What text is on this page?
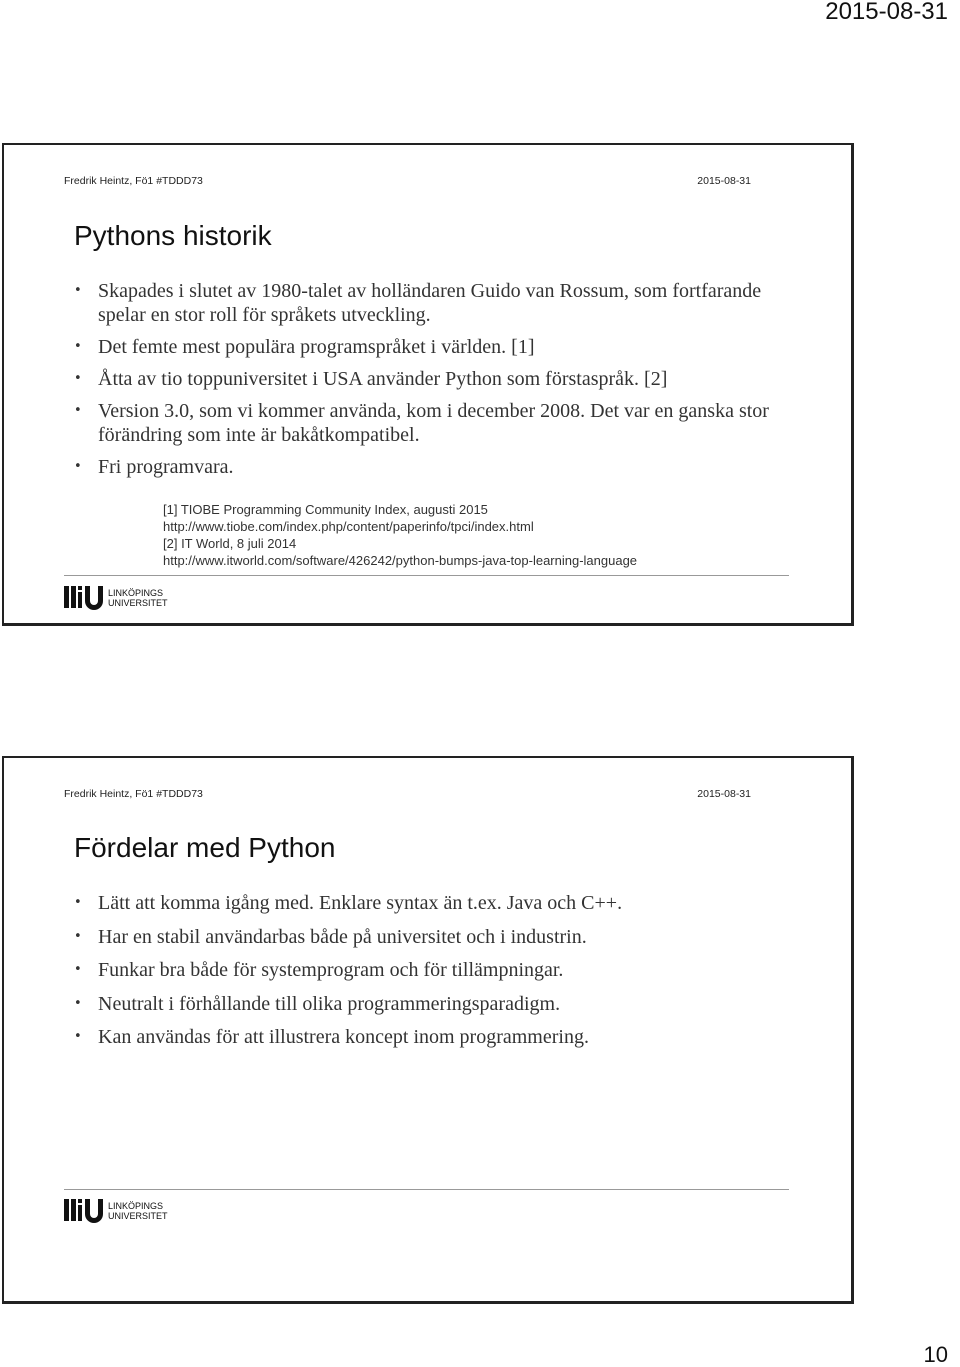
2015-08-31
Fredrik Heintz, Fö1 #TDDD73	2015-08-31
Pythons historik
• Skapades i slutet av 1980-talet av holländaren Guido van Rossum, som fortfarande spelar en stor roll för språkets utveckling.
• Det femte mest populära programspråket i världen. [1]
• Åtta av tio toppuniversitet i USA använder Python som förstaspråk. [2]
• Version 3.0, som vi kommer använda, kom i december 2008. Det var en ganska stor förändring som inte är bakåtkompatibel.
• Fri programvara.
[1] TIOBE Programming Community Index, augusti 2015
http://www.tiobe.com/index.php/content/paperinfo/tpci/index.html
[2] IT World, 8 juli 2014
http://www.itworld.com/software/426242/python-bumps-java-top-learning-language
LINKÖPINGS
UNIVERSITET
Fredrik Heintz, Fö1 #TDDD73	2015-08-31
Fördelar med Python
• Lätt att komma igång med. Enklare syntax än t.ex. Java och C++.
• Har en stabil användarbas både på universitet och i industrin.
• Funkar bra både för systemprogram och för tillämpningar.
• Neutralt i förhållande till olika programmeringsparadigm.
• Kan användas för att illustrera koncept inom programmering.
LINKÖPINGS
UNIVERSITET
10
